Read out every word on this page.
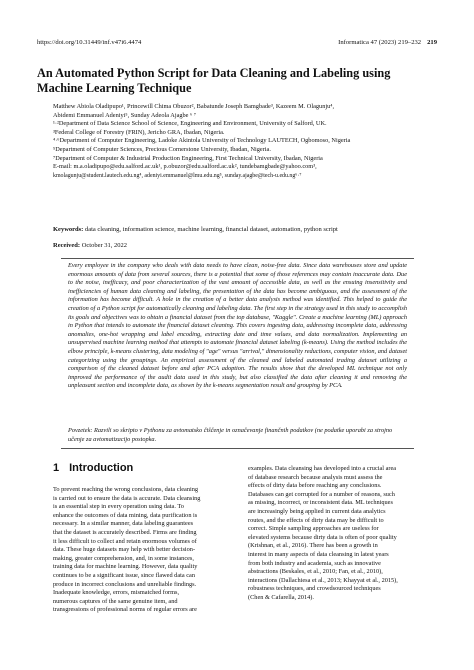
https://doi.org/10.31449/inf.v47i6.4474	Informatica 47 (2023) 219–232 219
An Automated Python Script for Data Cleaning and Labeling using
Machine Learning Technique
Matthew Abiola Oladipupo¹, Princewill Chima Obuzor², Babatunde Joseph Bamgbade³, Kazeem M. Olagunju⁴,
Abidemi Emmanuel Adeniyi⁵, Sunday Adeola Ajagbe ⁶ ⁷
¹·²Department of Data Science School of Science, Engineering and Environment, University of Salford, UK.
³Federal College of Forestry (FRIN), Jericho GRA, Ibadan, Nigeria.
⁴·⁶Department of Computer Engineering, Ladoke Akintola University of Technology LAUTECH, Ogbomoso, Nigeria
⁵Department of Computer Sciences, Precious Cornerstone University, Ibadan, Nigeria.
⁷Department of Computer & Industrial Production Engineering, First Technical University, Ibadan, Nigeria
E-mail: m.a.oladipupo@edu.salford.ac.uk¹, p.obuzor@edu.salford.ac.uk², tundebamgbade@yahoo.com³,
kmolagunju@student.lautech.edu.ng⁴, adeniyi.emmanuel@lmu.edu.ng⁵, sunday.ajagbe@tech-u.edu.ng⁶·⁷
Keywords: data cleaning, information science, machine learning, financial dataset, automation, python script
Received: October 31, 2022
Every employee in the company who deals with data needs to have clean, noise-free data. Since data warehouses store and update enormous amounts of data from several sources, there is a potential that some of those references may contain inaccurate data. Due to the noise, inefficacy, and poor characterization of the vast amount of accessible data, as well as the ensuing insensitivity and inefficiencies of human data cleaning and labeling, the presentation of the data has become ambiguous, and the assessment of the information has become difficult. A hole in the creation of a better data analysis method was identified. This helped to guide the creation of a Python script for automatically cleaning and labeling data. The first step in the strategy used in this study to accomplish its goals and objectives was to obtain a financial dataset from the top database, "Kaggle". Create a machine learning (ML) approach in Python that intends to automate the financial dataset cleaning. This covers ingesting data, addressing incomplete data, addressing anomalies, one-hot wrapping and label encoding, extracting date and time values, and data normalization. Implementing an unsupervised machine learning method that attempts to automate financial dataset labeling (k-means). Using the method includes the elbow principle, k-means clustering, data modeling of "age" versus "arrival," dimensionality reductions, computer vision, and dataset categorizing using the groupings. An empirical assessment of the cleaned and labeled automated trading dataset utilizing a comparison of the cleaned dataset before and after PCA adoption. The results show that the developed ML technique not only improved the performance of the audit data used in this study, but also classified the data after cleaning it and removing the unpleasant section and incomplete data, as shown by the k-means segmentation result and grouping by PCA.
Povzetek: Razvili so skripto v Pythonu za avtomatsko čiščenje in označevanje finančnih podatkov (ne podatke uporabi za strojno učenje za avtomatizacijo postopka.
1 Introduction
To prevent reaching the wrong conclusions, data cleaning
is carried out to ensure the data is accurate. Data cleansing
is an essential step in every operation using data. To
enhance the outcomes of data mining, data purification is
necessary. In a similar manner, data labeling guarantees
that the dataset is accurately described. Firms are finding
it less difficult to collect and retain enormous volumes of
data. These huge datasets may help with better decision-
making, greater comprehension, and, in some instances,
training data for machine learning. However, data quality
continues to be a significant issue, since flawed data can
produce in incorrect conclusions and unreliable findings.
Inadequate knowledge, errors, mismatched forms,
numerous captures of the same genuine item, and
transgressions of professional norms of regular errors are
examples. Data cleansing has developed into a crucial area
of database research because analysis must assess the
effects of dirty data before reaching any conclusions.
Databases can get corrupted for a number of reasons, such
as missing, incorrect, or inconsistent data. ML techniques
are increasingly being applied in current data analytics
routes, and the effects of dirty data may be difficult to
correct. Simple sampling approaches are useless for
elevated systems because dirty data is often of poor quality
(Krishnan, et al., 2016). There has been a growth in
interest in many aspects of data cleansing in latest years
from both industry and academia, such as innovative
abstractions (Beskales, et al., 2010; Fan, et al., 2010),
interactions (Dallachiesa et al., 2013; Khayyat et al., 2015),
robustness techniques, and crowdsourced techniques
(Chen & Cafarella, 2014).
